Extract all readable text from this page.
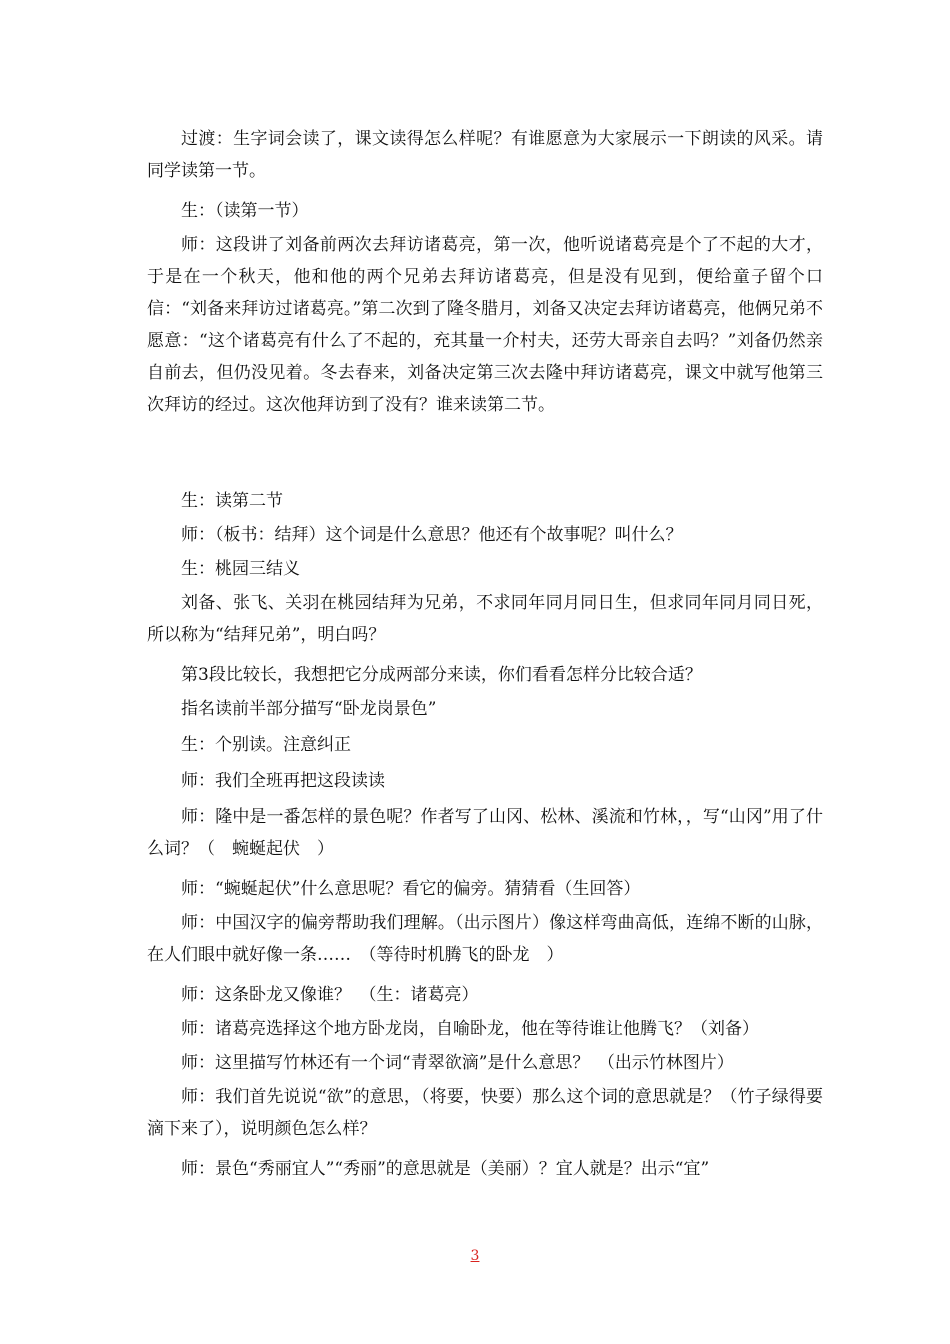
过渡：生字词会读了，课文读得怎么样呢？有谁愿意为大家展示一下朗读的风采。请同学读第一节。

生：（读第一节）

师：这段讲了刘备前两次去拜访诸葛亮，第一次，他听说诸葛亮是个了不起的大才，于是在一个秋天，他和他的两个兄弟去拜访诸葛亮，但是没有见到，便给童子留个口信：“刘备来拜访过诸葛亮。”第二次到了隆冬腊月，刘备又决定去拜访诸葛亮，他俩兄弟不愿意：“这个诸葛亮有什么了不起的，充其量一介村夫，还劳大哥亲自去吗？”刘备仍然亲自前去，但仍没见着。冬去春来，刘备决定第三次去隆中拜访诸葛亮，课文中就写他第三次拜访的经过。这次他拜访到了没有？谁来读第二节。

生：读第二节

师：（板书：结拜）这个词是什么意思？他还有个故事呢？叫什么？

生：桃园三结义

刘备、张飞、关羽在桃园结拜为兄弟，不求同年同月同日生，但求同年同月同日死，所以称为“结拜兄弟”，明白吗？

第3段比较长，我想把它分成两部分来读，你们看看怎样分比较合适？

指名读前半部分描写“卧龙岗景色”

生：个别读。注意纠正

师：我们全班再把这段读读

师：隆中是一番怎样的景色呢？作者写了山冈、松林、溪流和竹林，，写“山冈”用了什么词？（　蜿蜒起伏　）

师：“蜿蜒起伏”什么意思呢？看它的偏旁。猜猜看（生回答）

师：中国汉字的偏旁帮助我们理解。（出示图片）像这样弯曲高低，连绵不断的山脉，在人们眼中就好像一条……　（等待时机腾飞的卧龙　）

师：这条卧龙又像谁？　（生：诸葛亮）

师：诸葛亮选择这个地方卧龙岗，自喻卧龙，他在等待谁让他腾飞？（刘备）

师：这里描写竹林还有一个词“青翠欲滴”是什么意思？　（出示竹林图片）

师：我们首先说说“欲”的意思，（将要，快要）那么这个词的意思就是？（竹子绿得要滴下来了），说明颜色怎么样？

师：景色“秀丽宜人”“秀丽”的意思就是（美丽）？宜人就是？出示“宜”

3
